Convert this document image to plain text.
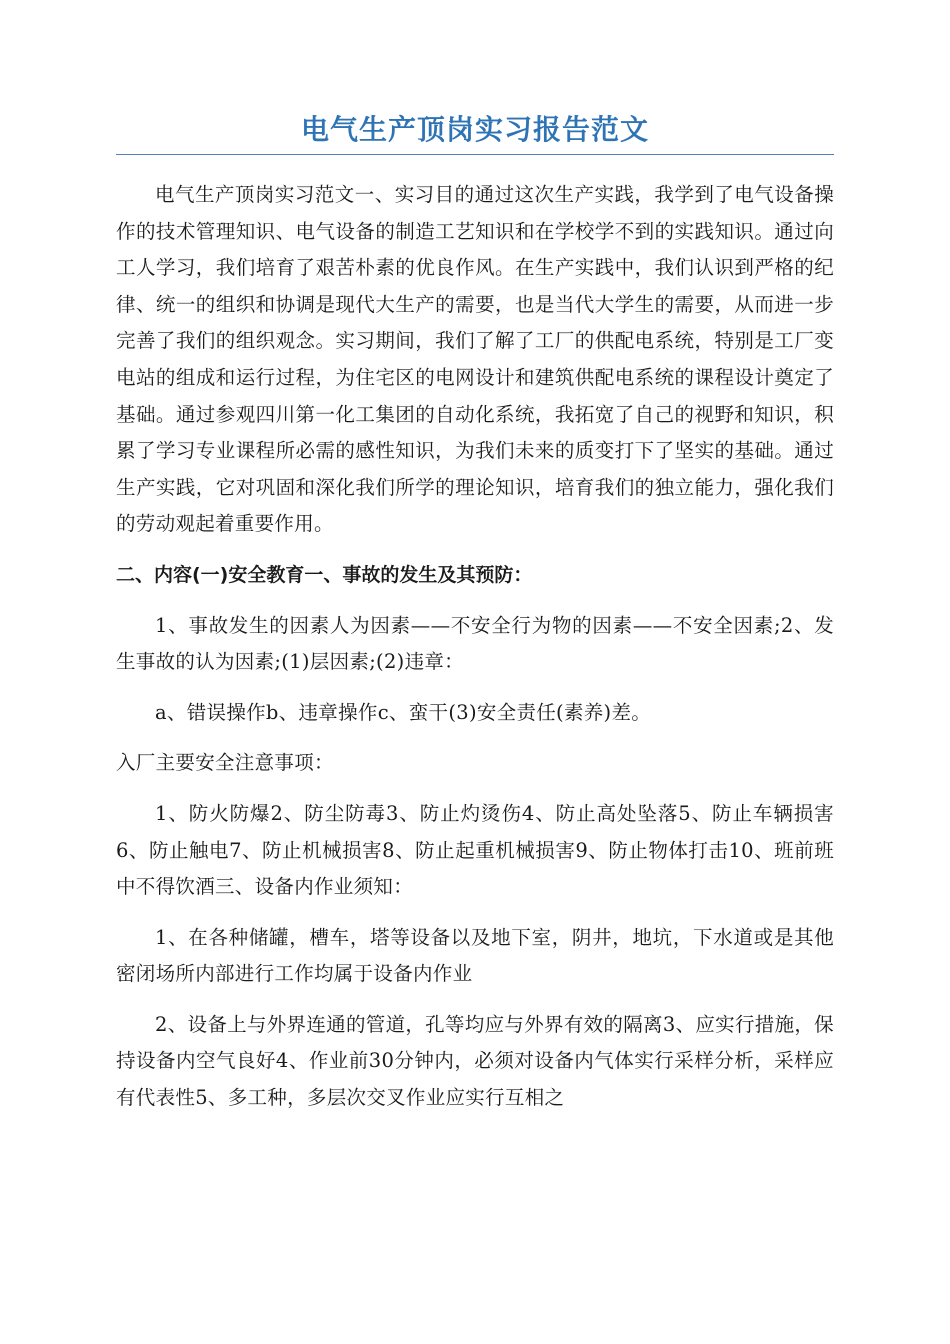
电气生产顶岗实习报告范文

电气生产顶岗实习范文一、实习目的通过这次生产实践，我学到了电气设备操作的技术管理知识、电气设备的制造工艺知识和在学校学不到的实践知识。通过向工人学习，我们培育了艰苦朴素的优良作风。在生产实践中，我们认识到严格的纪律、统一的组织和协调是现代大生产的需要，也是当代大学生的需要，从而进一步完善了我们的组织观念。实习期间，我们了解了工厂的供配电系统，特别是工厂变电站的组成和运行过程，为住宅区的电网设计和建筑供配电系统的课程设计奠定了基础。通过参观四川第一化工集团的自动化系统，我拓宽了自己的视野和知识，积累了学习专业课程所必需的感性知识，为我们未来的质变打下了坚实的基础。通过生产实践，它对巩固和深化我们所学的理论知识，培育我们的独立能力，强化我们的劳动观起着重要作用。

二、内容(一)安全教育一、事故的发生及其预防：

1、事故发生的因素人为因素——不安全行为物的因素——不安全因素;2、发生事故的认为因素;(1)层因素;(2)违章：

a、错误操作b、违章操作c、蛮干(3)安全责任(素养)差。

入厂主要安全注意事项：

1、防火防爆2、防尘防毒3、防止灼烫伤4、防止高处坠落5、防止车辆损害6、防止触电7、防止机械损害8、防止起重机械损害9、防止物体打击10、班前班中不得饮酒三、设备内作业须知：

1、在各种储罐，槽车，塔等设备以及地下室，阴井，地坑，下水道或是其他密闭场所内部进行工作均属于设备内作业

2、设备上与外界连通的管道，孔等均应与外界有效的隔离3、应实行措施，保持设备内空气良好4、作业前30分钟内，必须对设备内气体实行采样分析，采样应有代表性5、多工种，多层次交叉作业应实行互相之
